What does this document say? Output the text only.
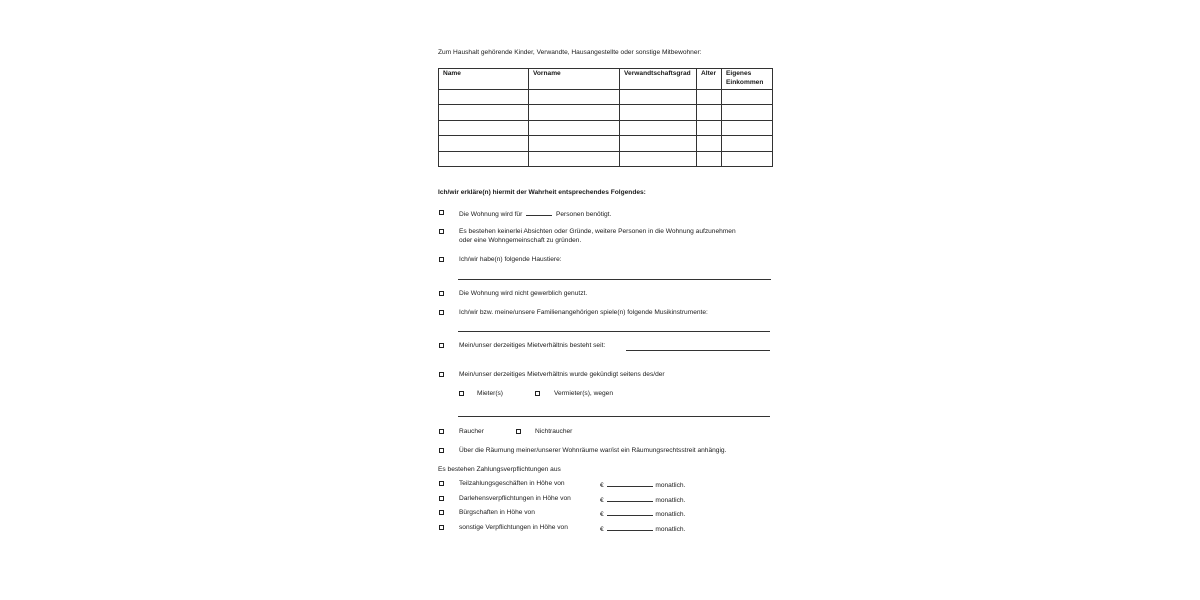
Zum Haushalt gehörende Kinder, Verwandte, Hausangestellte oder sonstige Mitbewohner:
Name	Vorname	Verwandtschaftsgrad	Alter	Eigenes Einkommen

Ich/wir erkläre(n) hiermit der Wahrheit entsprechendes Folgendes:
Die Wohnung wird für	Personen benötigt.
Es bestehen keinerlei Absichten oder Gründe, weitere Personen in die Wohnung aufzunehmen
oder eine Wohngemeinschaft zu gründen.
Ich/wir habe(n) folgende Haustiere:
Die Wohnung wird nicht gewerblich genutzt.
Ich/wir bzw. meine/unsere Familienangehörigen spiele(n) folgende Musikinstrumente:
Mein/unser derzeitiges Mietverhältnis besteht seit:
Mein/unser derzeitiges Mietverhältnis wurde gekündigt seitens des/der
Mieter(s)	Vermieter(s), wegen
Raucher	Nichtraucher
Über die Räumung meiner/unserer Wohnräume war/ist ein Räumungsrechtsstreit anhängig.
Es bestehen Zahlungsverpflichtungen aus
Teilzahlungsgeschäften in Höhe von	€	monatlich.
Darlehensverpflichtungen in Höhe von	€	monatlich.
Bürgschaften in Höhe von	€	monatlich.
sonstige Verpflichtungen in Höhe von	€	monatlich.
